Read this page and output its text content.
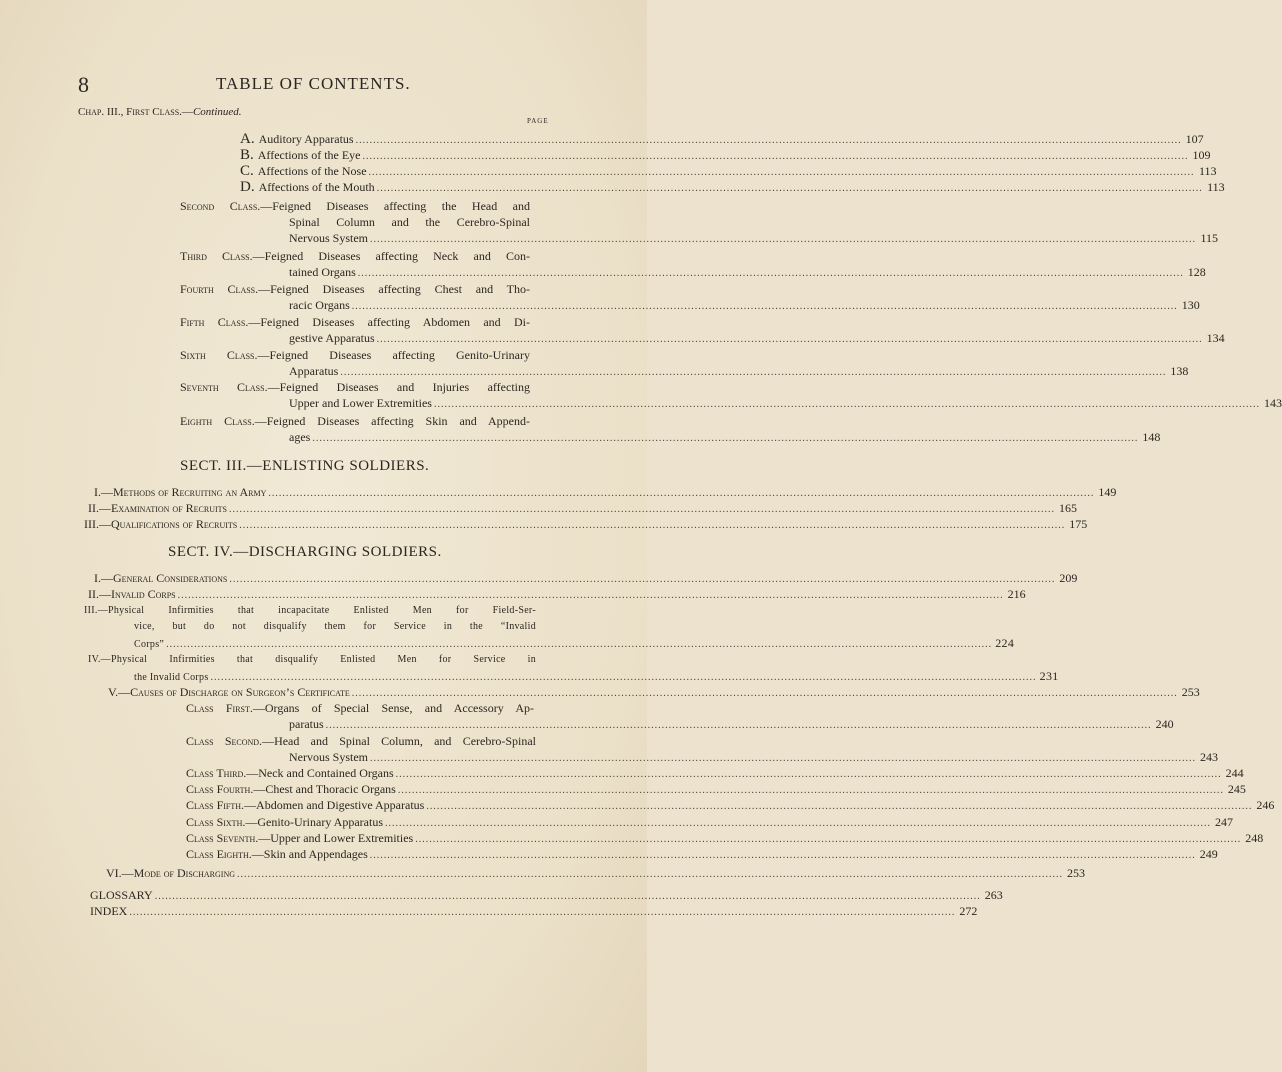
8	TABLE OF CONTENTS.
Chap. III., First Class.—Continued.
PAGE
A. Auditory Apparatus ............................................................................................................................................................................................................................................ 107
B. Affections of the Eye ............................................................................................................................................................................................................................................ 109
C. Affections of the Nose ............................................................................................................................................................................................................................................ 113
D. Affections of the Mouth ............................................................................................................................................................................................................................................ 113
Second Class.—Feigned Diseases affecting the Head and
Spinal Column and the Cerebro-Spinal
Nervous System ............................................................................................................................................................................................................................................ 115
Third Class.—Feigned Diseases affecting Neck and Con-
tained Organs ............................................................................................................................................................................................................................................ 128
Fourth Class.—Feigned Diseases affecting Chest and Tho-
racic Organs ............................................................................................................................................................................................................................................ 130
Fifth Class.—Feigned Diseases affecting Abdomen and Di-
gestive Apparatus ............................................................................................................................................................................................................................................ 134
Sixth Class.—Feigned Diseases affecting Genito-Urinary
Apparatus ............................................................................................................................................................................................................................................ 138
Seventh Class.—Feigned Diseases and Injuries affecting
Upper and Lower Extremities ............................................................................................................................................................................................................................................ 143
Eighth Class.—Feigned Diseases affecting Skin and Append-
ages ............................................................................................................................................................................................................................................ 148
SECT. III.—ENLISTING SOLDIERS.
I.—Methods of Recruiting an Army ............................................................................................................................................................................................................................................ 149
II.—Examination of Recruits ............................................................................................................................................................................................................................................ 165
III.—Qualifications of Recruits ............................................................................................................................................................................................................................................ 175
SECT. IV.—DISCHARGING SOLDIERS.
I.—General Considerations ............................................................................................................................................................................................................................................ 209
II.—Invalid Corps ............................................................................................................................................................................................................................................ 216
III.—Physical Infirmities that incapacitate Enlisted Men for Field-Ser-
vice, but do not disqualify them for Service in the “Invalid
Corps” ............................................................................................................................................................................................................................................ 224
IV.—Physical Infirmities that disqualify Enlisted Men for Service in
the Invalid Corps ............................................................................................................................................................................................................................................ 231
V.—Causes of Discharge on Surgeon’s Certificate ............................................................................................................................................................................................................................................ 253
Class First.—Organs of Special Sense, and Accessory Ap-
paratus ............................................................................................................................................................................................................................................ 240
Class Second.—Head and Spinal Column, and Cerebro-Spinal
Nervous System ............................................................................................................................................................................................................................................ 243
Class Third.—Neck and Contained Organs ............................................................................................................................................................................................................................................ 244
Class Fourth.—Chest and Thoracic Organs ............................................................................................................................................................................................................................................ 245
Class Fifth.—Abdomen and Digestive Apparatus ............................................................................................................................................................................................................................................ 246
Class Sixth.—Genito-Urinary Apparatus ............................................................................................................................................................................................................................................ 247
Class Seventh.—Upper and Lower Extremities ............................................................................................................................................................................................................................................ 248
Class Eighth.—Skin and Appendages ............................................................................................................................................................................................................................................ 249
VI.—Mode of Discharging ............................................................................................................................................................................................................................................ 253
GLOSSARY ............................................................................................................................................................................................................................................ 263
INDEX ............................................................................................................................................................................................................................................ 272
